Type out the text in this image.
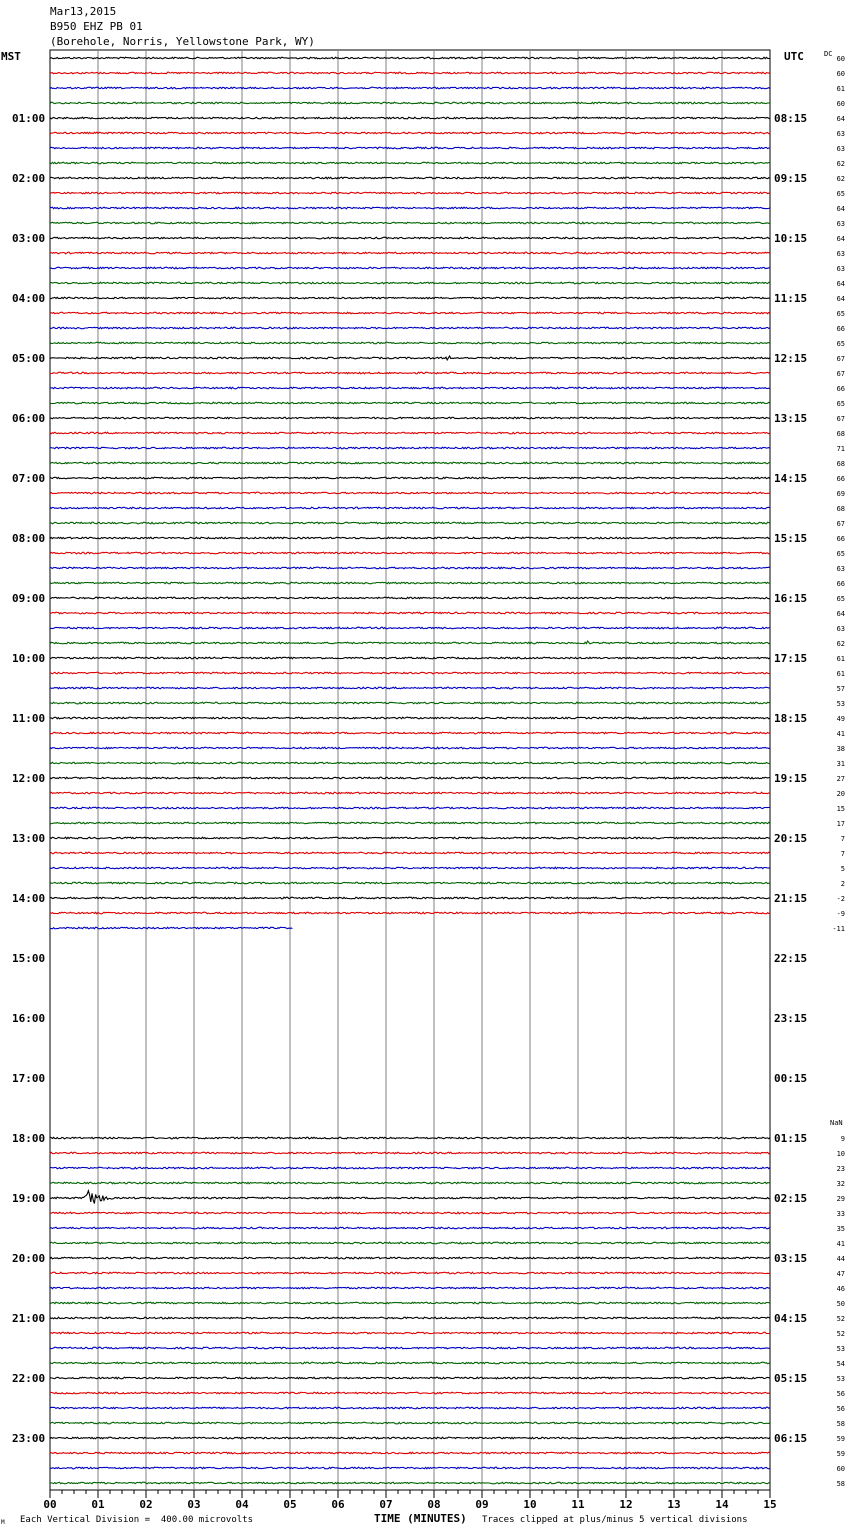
Mar13,2015
B950 EHZ PB 01
(Borehole, Norris, Yellowstone Park, WY)
MST	UTC	60
60
61
60
01:00	08:15	64
63
63
62
02:00	09:15	62
65
64
63
03:00	10:15	64
63
63
64
04:00	11:15	64
65
66
65
05:00	12:15	67
67
66
65
06:00	13:15	67
68
71
68
07:00	14:15	66
69
68
67
08:00	15:15	66
65
63
66
09:00	16:15	65
64
63
62
10:00	17:15	61
61
57
53
11:00	18:15	49
41
38
31
12:00	19:15	27
20
15
17
13:00	20:15	7
7
5
2
14:00	21:15	-2
-9
-11
15:00	22:15
16:00	23:15
17:00	00:15
18:00	01:15	9
10
23
32
19:00	02:15	29
33
35
41
20:00	03:15	44
47
46
50
21:00	04:15	52
52
53
54
22:00	05:15	53
56
56
58
23:00	06:15	59
59
60
58
DC
NaN
00	01	02	03	04	05	06	07	08	09	10	11	12	13	14	15
Each Vertical Division =  400.00 microvolts	Traces clipped at plus/minus 5 vertical divisions
M	TIME (MINUTES)
